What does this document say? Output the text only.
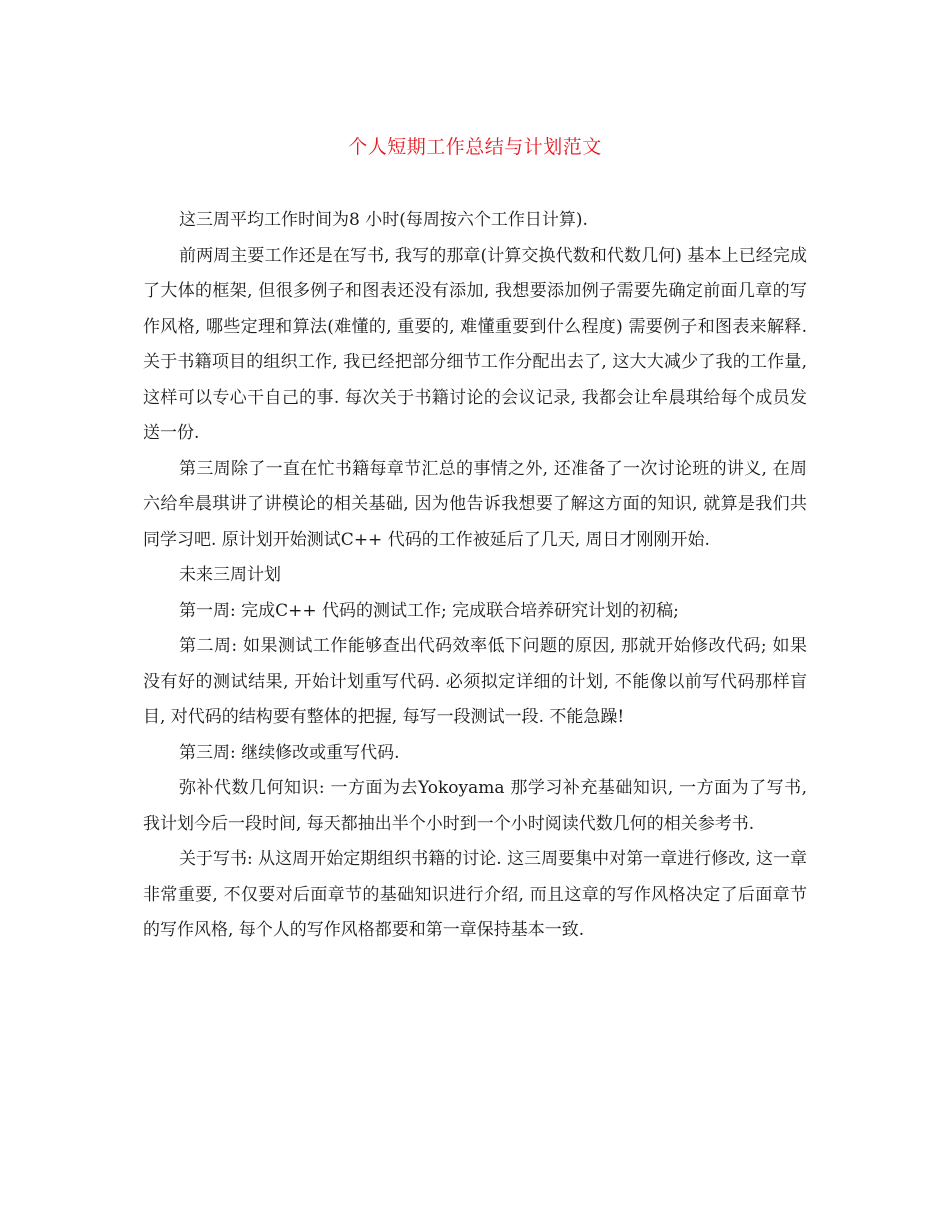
个人短期工作总结与计划范文

这三周平均工作时间为8 小时(每周按六个工作日计算).

前两周主要工作还是在写书, 我写的那章(计算交换代数和代数几何) 基本上已经完成了大体的框架, 但很多例子和图表还没有添加, 我想要添加例子需要先确定前面几章的写作风格, 哪些定理和算法(难懂的, 重要的, 难懂重要到什么程度) 需要例子和图表来解释. 关于书籍项目的组织工作, 我已经把部分细节工作分配出去了, 这大大减少了我的工作量, 这样可以专心干自己的事. 每次关于书籍讨论的会议记录, 我都会让牟晨琪给每个成员发送一份.

第三周除了一直在忙书籍每章节汇总的事情之外, 还准备了一次讨论班的讲义, 在周六给牟晨琪讲了讲模论的相关基础, 因为他告诉我想要了解这方面的知识, 就算是我们共同学习吧. 原计划开始测试C++ 代码的工作被延后了几天, 周日才刚刚开始.

未来三周计划

第一周: 完成C++ 代码的测试工作; 完成联合培养研究计划的初稿;

第二周: 如果测试工作能够查出代码效率低下问题的原因, 那就开始修改代码; 如果没有好的测试结果, 开始计划重写代码. 必须拟定详细的计划, 不能像以前写代码那样盲目, 对代码的结构要有整体的把握, 每写一段测试一段. 不能急躁!

第三周: 继续修改或重写代码.

弥补代数几何知识: 一方面为去Yokoyama 那学习补充基础知识, 一方面为了写书, 我计划今后一段时间, 每天都抽出半个小时到一个小时阅读代数几何的相关参考书.

关于写书: 从这周开始定期组织书籍的讨论. 这三周要集中对第一章进行修改, 这一章非常重要, 不仅要对后面章节的基础知识进行介绍, 而且这章的写作风格决定了后面章节的写作风格, 每个人的写作风格都要和第一章保持基本一致.
